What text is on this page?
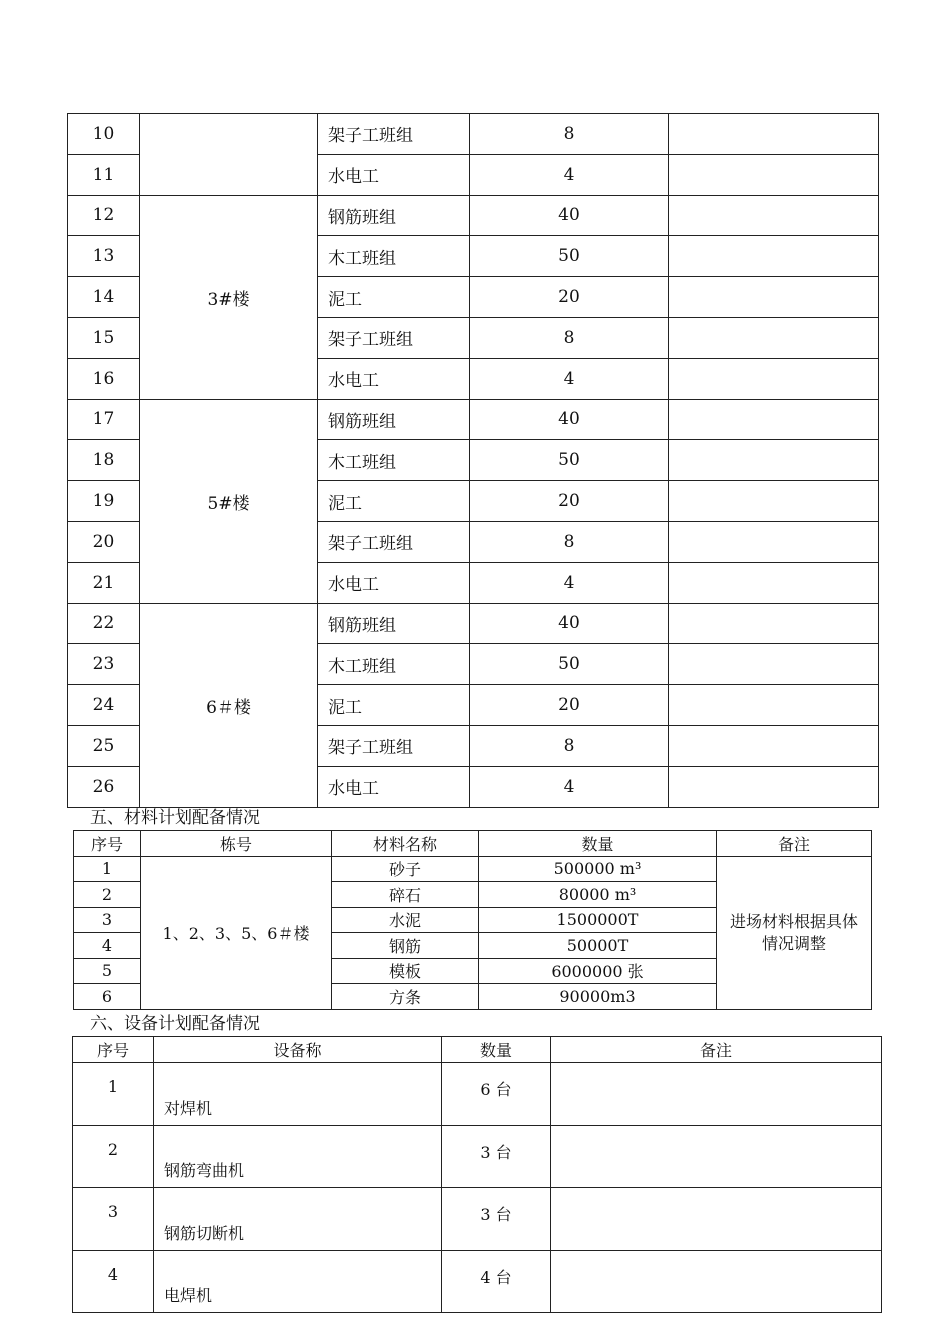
10		架子工班组	8	
11		水电工	4	
12	3#楼	钢筋班组	40	
13		木工班组	50	
14		泥工	20	
15		架子工班组	8	
16		水电工	4	
17	5#楼	钢筋班组	40	
18		木工班组	50	
19		泥工	20	
20		架子工班组	8	
21		水电工	4	
22	6＃楼	钢筋班组	40	
23		木工班组	50	
24		泥工	20	
25		架子工班组	8	
26		水电工	4	
五、材料计划配备情况
序号	栋号	材料名称	数量	备注
1	1、2、3、5、6＃楼	砂子	500000 m³	进场材料根据具体情况调整
2		碎石	80000 m³	
3		水泥	1500000T	
4		钢筋	50000T	
5		模板	6000000 张	
6		方条	90000m3	
六、设备计划配备情况
序号	设备称	数量	备注
1	对焊机	6 台	
2	钢筋弯曲机	3 台	
3	钢筋切断机	3 台	
4	电焊机	4 台	
